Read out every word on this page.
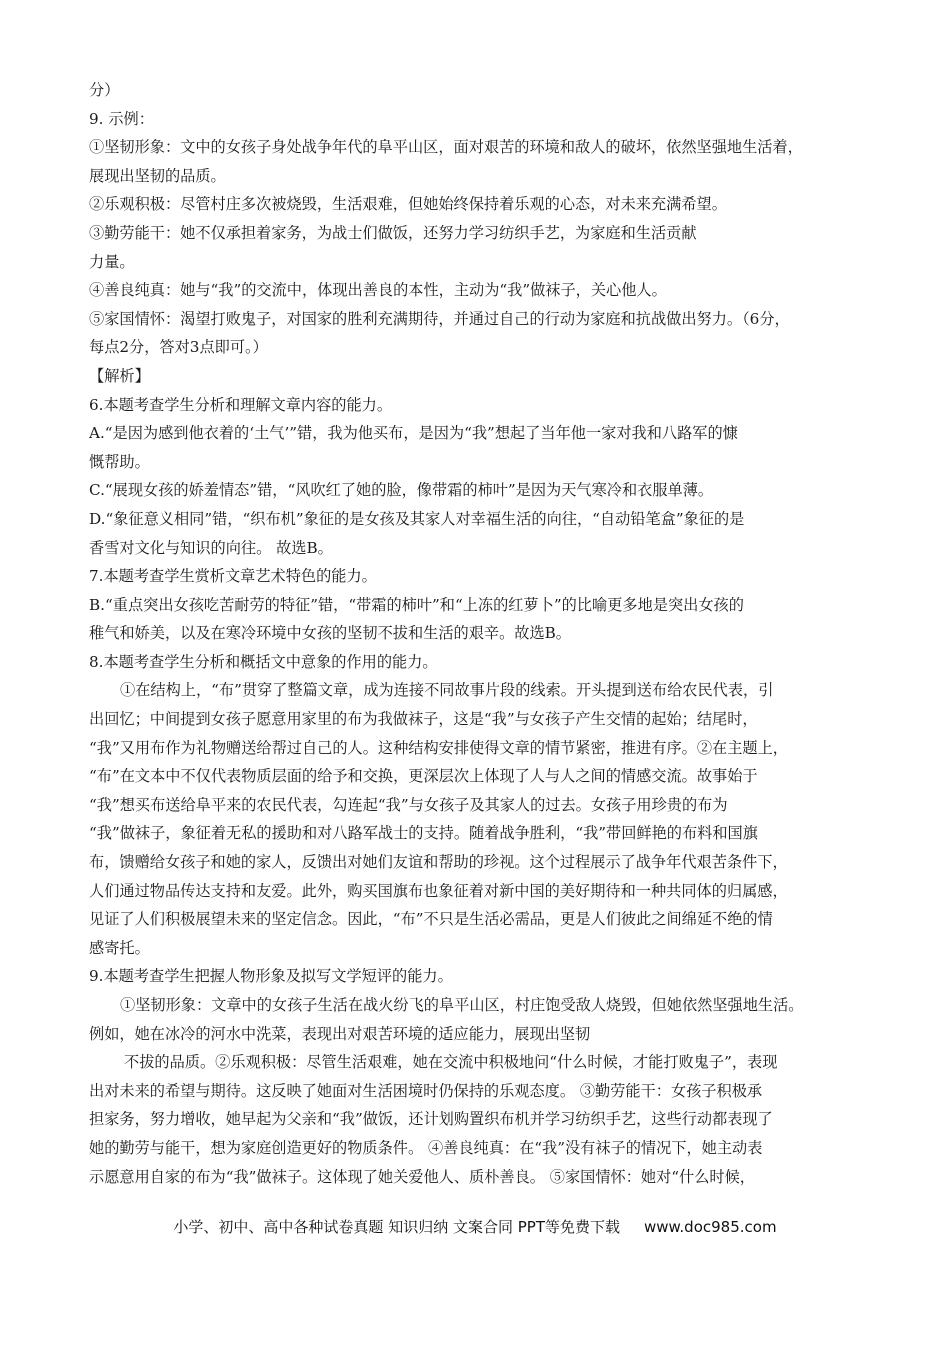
分）
9. 示例：
①坚韧形象：文中的女孩子身处战争年代的阜平山区，面对艰苦的环境和敌人的破坏，依然坚强地生活着，
展现出坚韧的品质。
②乐观积极：尽管村庄多次被烧毁，生活艰难，但她始终保持着乐观的心态，对未来充满希望。
③勤劳能干：她不仅承担着家务，为战士们做饭，还努力学习纺织手艺，为家庭和生活贡献
力量。
④善良纯真：她与“我”的交流中，体现出善良的本性，主动为“我”做袜子，关心他人。
⑤家国情怀：渴望打败鬼子，对国家的胜利充满期待，并通过自己的行动为家庭和抗战做出努力。（6分，
每点2分，答对3点即可。）
【解析】
6.本题考查学生分析和理解文章内容的能力。
A.“是因为感到他衣着的‘土气’”错，我为他买布，是因为“我”想起了当年他一家对我和八路军的慷
慨帮助。
C.“展现女孩的娇羞情态”错，“风吹红了她的脸，像带霜的柿叶”是因为天气寒冷和衣服单薄。
D.“象征意义相同”错，“织布机”象征的是女孩及其家人对幸福生活的向往，“自动铅笔盒”象征的是
香雪对文化与知识的向往。 故选B。
7.本题考查学生赏析文章艺术特色的能力。
B.“重点突出女孩吃苦耐劳的特征”错，“带霜的柿叶”和“上冻的红萝卜”的比喻更多地是突出女孩的
稚气和娇美，以及在寒冷环境中女孩的坚韧不拔和生活的艰辛。故选B。
8.本题考查学生分析和概括文中意象的作用的能力。
①在结构上，“布”贯穿了整篇文章，成为连接不同故事片段的线索。开头提到送布给农民代表，引
出回忆；中间提到女孩子愿意用家里的布为我做袜子，这是“我”与女孩子产生交情的起始；结尾时，
“我”又用布作为礼物赠送给帮过自己的人。这种结构安排使得文章的情节紧密，推进有序。②在主题上，
“布”在文本中不仅代表物质层面的给予和交换，更深层次上体现了人与人之间的情感交流。故事始于
“我”想买布送给阜平来的农民代表，勾连起“我”与女孩子及其家人的过去。女孩子用珍贵的布为
“我”做袜子，象征着无私的援助和对八路军战士的支持。随着战争胜利，“我”带回鲜艳的布料和国旗
布，馈赠给女孩子和她的家人，反馈出对她们友谊和帮助的珍视。这个过程展示了战争年代艰苦条件下，
人们通过物品传达支持和友爱。此外，购买国旗布也象征着对新中国的美好期待和一种共同体的归属感，
见证了人们积极展望未来的坚定信念。因此，“布”不只是生活必需品，更是人们彼此之间绵延不绝的情
感寄托。
9.本题考查学生把握人物形象及拟写文学短评的能力。
①坚韧形象：文章中的女孩子生活在战火纷飞的阜平山区，村庄饱受敌人烧毁，但她依然坚强地生活。
例如，她在冰冷的河水中洗菜，表现出对艰苦环境的适应能力，展现出坚韧
不拔的品质。②乐观积极：尽管生活艰难，她在交流中积极地问“什么时候，才能打败鬼子”，表现
出对未来的希望与期待。这反映了她面对生活困境时仍保持的乐观态度。 ③勤劳能干：女孩子积极承
担家务，努力增收，她早起为父亲和“我”做饭，还计划购置织布机并学习纺织手艺，这些行动都表现了
她的勤劳与能干，想为家庭创造更好的物质条件。 ④善良纯真：在“我”没有袜子的情况下，她主动表
示愿意用自家的布为“我”做袜子。这体现了她关爱他人、质朴善良。 ⑤家国情怀：她对“什么时候，
小学、初中、高中各种试卷真题 知识归纳 文案合同 PPT等免费下载 www.doc985.com
